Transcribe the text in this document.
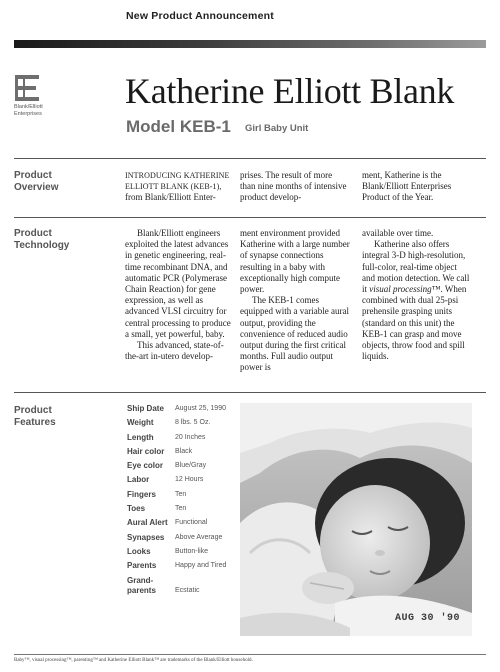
New Product Announcement
Blank/Elliott
Enterprises
Katherine Elliott Blank
Model KEB-1 Girl Baby Unit
Product
Overview

INTRODUCING KATHERINE ELLIOTT BLANK (KEB-1), from Blank/Elliott Enter-

prises. The result of more than nine months of intensive product develop-

ment, Katherine is the Blank/Elliott Enterprises Product of the Year.

Product
Technology

Blank/Elliott engineers exploited the latest advances in genetic engineering, real-time recombinant DNA, and automatic PCR (Polymerase Chain Reaction) for gene expression, as well as advanced VLSI circuitry for central processing to produce a small, yet powerful, baby.

This advanced, state-of-the-art in-utero develop-

ment environment provided Katherine with a large number of synapse connections resulting in a baby with exceptionally high compute power.

The KEB-1 comes equipped with a variable aural output, providing the convenience of reduced audio output during the first critical months. Full audio output power is

available over time.

Katherine also offers integral 3-D high-resolution, full-color, real-time object and motion detection. We call it visual processing™. When combined with dual 25-psi prehensile grasping units (standard on this unit) the KEB-1 can grasp and move objects, throw food and spill liquids.

Product
Features
Ship Date	August 25, 1990
Weight	8 lbs. 5 Oz.
Length	20 Inches
Hair color	Black
Eye color	Blue/Gray
Labor	12 Hours
Fingers	Ten
Toes	Ten
Aural Alert	Functional
Synapses	Above Average
Looks	Button-like
Parents	Happy and Tired
Grand-
parents	Ecstatic
AUG 30 '90
Baby™, visual processing™, parenting™ and Katherine Elliott Blank™ are trademarks of the Blank/Elliott household.
